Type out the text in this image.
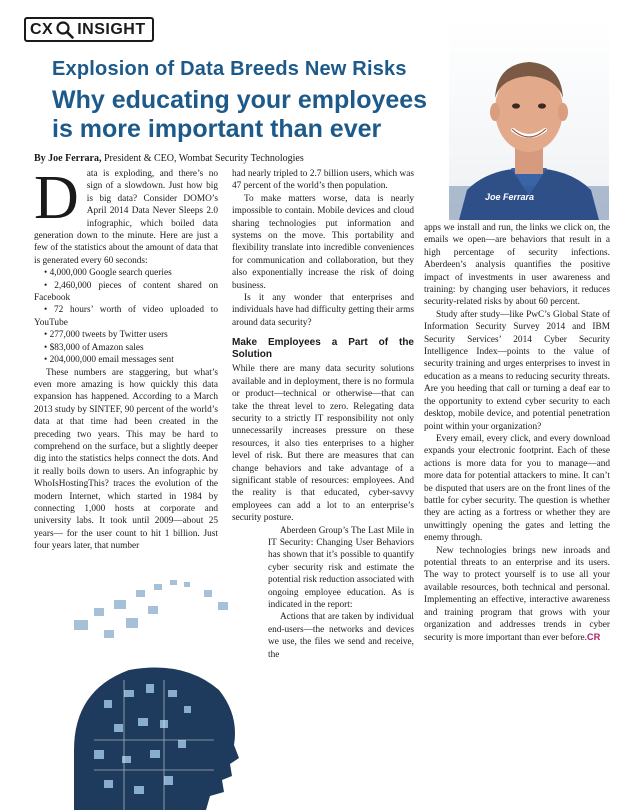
CX INSIGHT
Explosion of Data Breeds New Risks
Why educating your employees is more important than ever
By Joe Ferrara, President & CEO, Wombat Security Technologies
Joe Ferrara

Data is exploding, and there’s no sign of a slowdown. Just how big is big data? Consider DOMO’s April 2014 Data Never Sleeps 2.0 infographic, which boiled data generation down to the minute. Here are just a few of the statistics about the amount of data that is generated every 60 seconds:

• 4,000,000 Google search queries
• 2,460,000 pieces of content shared on Facebook
• 72 hours’ worth of video uploaded to YouTube
• 277,000 tweets by Twitter users
• $83,000 of Amazon sales
• 204,000,000 email messages sent

These numbers are staggering, but what’s even more amazing is how quickly this data expansion has happened. According to a March 2013 study by SINTEF, 90 percent of the world’s data at that time had been created in the preceding two years. This may be hard to comprehend on the surface, but a slightly deeper dig into the statistics helps connect the dots. And it really boils down to users. An infographic by WhoIsHostingThis? traces the evolution of the modern Internet, which started in 1984 by connecting 1,000 hosts at corporate and university labs. It took until 2009—about 25 years— for the user count to hit 1 billion. Just four years later, that number

had nearly tripled to 2.7 billion users, which was 47 percent of the world’s then population.

To make matters worse, data is nearly impossible to contain. Mobile devices and cloud sharing technologies put information and systems on the move. This portability and flexibility translate into incredible conveniences for communication and collaboration, but they also exponentially increase the risk of doing business.

Is it any wonder that enterprises and individuals have had difficulty getting their arms around data security?

Make Employees a Part of the Solution

While there are many data security solutions available and in deployment, there is no formula or product—technical or otherwise—that can take the threat level to zero. Relegating data security to a strictly IT responsibility not only unnecessarily increases pressure on these resources, it also ties enterprises to a higher level of risk. But there are measures that can change behaviors and take advantage of a significant stable of resources: employees. And the reality is that educated, cyber-savvy employees can add a lot to an enterprise’s security posture.

Aberdeen Group’s The Last Mile in IT Security: Changing User Behaviors has shown that it’s possible to quantify cyber security risk and estimate the potential risk reduction associated with ongoing employee education. As is indicated in the report:

Actions that are taken by individual end-users—the networks and devices we use, the files we send and receive, the

apps we install and run, the links we click on, the emails we open—are behaviors that result in a high percentage of security infections. Aberdeen’s analysis quantifies the positive impact of investments in user awareness and training: by changing user behaviors, it reduces security-related risks by about 60 percent.

Study after study—like PwC’s Global State of Information Security Survey 2014 and IBM Security Services’ 2014 Cyber Security Intelligence Index—points to the value of security training and urges enterprises to invest in education as a means to reducing security threats. Are you heeding that call or turning a deaf ear to the opportunity to extend cyber security to each desktop, mobile device, and potential penetration point within your organization?

Every email, every click, and every download expands your electronic footprint. Each of these actions is more data for you to manage—and more data for potential attackers to mine. It can’t be disputed that users are on the front lines of the battle for cyber security. The question is whether they are acting as a fortress or whether they are unwittingly opening the gates and letting the enemy through.

New technologies brings new inroads and potential threats to an enterprise and its users. The way to protect yourself is to use all your available resources, both technical and personal. Implementing an effective, interactive awareness and training program that grows with your organization and addresses trends in cyber security is more important than ever before.CR
